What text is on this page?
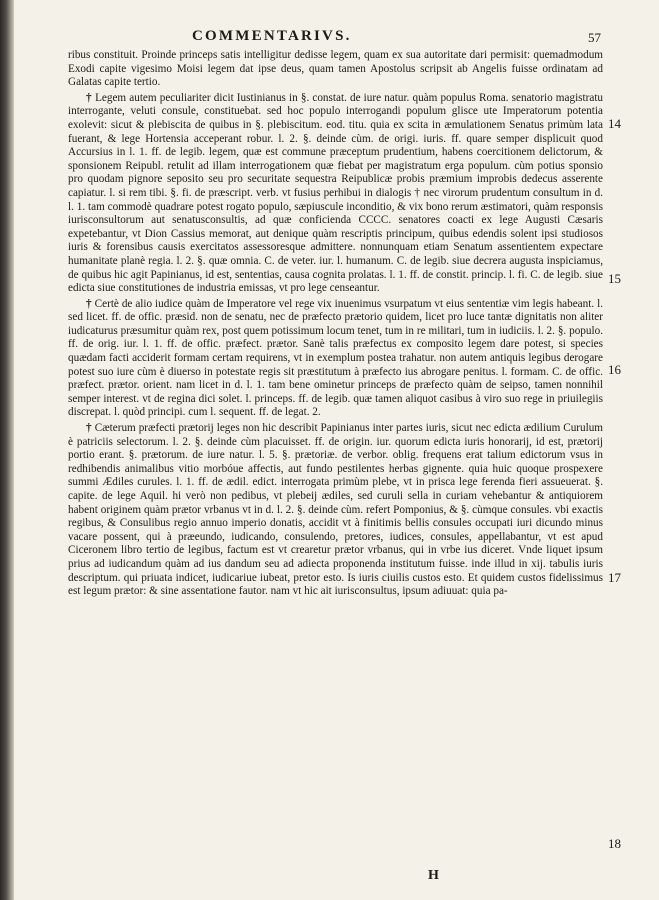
COMMENTARIVS.	57

ribus constituit. Proinde princeps satis intelligitur dedisse legem, quam ex sua autoritate dari permisit: quemadmodum Exodi capite vigesimo Moisi legem dat ipse deus, quam tamen Apostolus scripsit ab Angelis fuisse ordinatam ad Galatas capite tertio.

† Legem autem peculiariter dicit Iustinianus in §. constat. de iure natur. quàm populus Roma. senatorio magistratu interrogante, veluti consule, constituebat. sed hoc populo interrogandi populum glisce ute Imperatorum potentia exolevit: sicut & plebiscita de quibus in §. plebiscitum. eod. titu. quia ex scita in æmulationem Senatus primùm lata fuerant, & lege Hortensia acceperant robur. l. 2. §. deinde cùm. de origi. iuris. ff. quare semper displicuit quod Accursius in l. 1. ff. de legib. legem, quæ est commune præceptum prudentium, habens coercitionem delictorum, & sponsionem Reipubl. retulit ad illam interrogationem quæ fiebat per magistratum erga populum. cùm potius sponsio pro quodam pignore seposito seu pro securitate sequestra Reipublicæ probis præmium improbis dedecus asserente capiatur. l. si rem tibi. §. fi. de præscript. verb. vt fusius perhibui in dialogis † nec virorum prudentum consultum in d. l. 1. tam commodè quadrare potest rogato populo, sæpiuscule inconditio, & vix bono rerum æstimatori, quàm responsis iurisconsultorum aut senatusconsultis, ad quæ conficienda CCCC. senatores coacti ex lege Augusti Cæsaris expetebantur, vt Dion Cassius memorat, aut denique quàm rescriptis principum, quibus edendis solent ipsi studiosos iuris & forensibus causis exercitatos assessoresque admittere. nonnunquam etiam Senatum assentientem expectare humanitate planè regia. l. 2. §. quæ omnia. C. de veter. iur. l. humanum. C. de legib. siue decrera augusta inspiciamus, de quibus hic agit Papinianus, id est, sententias, causa cognita prolatas. l. 1. ff. de constit. princip. l. fi. C. de legib. siue edicta siue constitutiones de industria emissas, vt pro lege censeantur.

† Certè de alio iudice quàm de Imperatore vel rege vix inuenimus vsurpatum vt eius sententiæ vim legis habeant. l. sed licet. ff. de offic. præsid. non de senatu, nec de præfecto prætorio quidem, licet pro luce tantæ dignitatis non aliter iudicaturus præsumitur quàm rex, post quem potissimum locum tenet, tum in re militari, tum in iudiciis. l. 2. §. populo. ff. de orig. iur. l. 1. ff. de offic. præfect. prætor. Sanè talis præfectus ex composito legem dare potest, si species quædam facti acciderit formam certam requirens, vt in exemplum postea trahatur. non autem antiquis legibus derogare potest suo iure cùm è diuerso in potestate regis sit præstitutum à præfecto ius abrogare penitus. l. formam. C. de offic. præfect. prætor. orient. nam licet in d. l. 1. tam bene ominetur princeps de præfecto quàm de seipso, tamen nonnihil semper interest. vt de regina dici solet. l. princeps. ff. de legib. quæ tamen aliquot casibus à viro suo rege in priuilegiis discrepat. l. quòd principi. cum l. sequent. ff. de legat. 2.

† Cæterum præfecti prætorij leges non hic describit Papinianus inter partes iuris, sicut nec edicta ædilium Curulum è patriciis selectorum. l. 2. §. deinde cùm placuisset. ff. de origin. iur. quorum edicta iuris honorarij, id est, prætorij portio erant. §. prætorum. de iure natur. l. 5. §. prætoriæ. de verbor. oblig. frequens erat talium edictorum vsus in redhibendis animalibus vitio morbóue affectis, aut fundo pestilentes herbas gignente. quia huic quoque prospexere summi Ædiles curules. l. 1. ff. de ædil. edict. interrogata primùm plebe, vt in prisca lege ferenda fieri assueuerat. §. capite. de lege Aquil. hi verò non pedibus, vt plebeij ædiles, sed curuli sella in curiam vehebantur & antiquiorem habent originem quàm prætor vrbanus vt in d. l. 2. §. deinde cùm. refert Pomponius, & §. cùmque consules. vbi exactis regibus, & Consulibus regio annuo imperio donatis, accidit vt à finitimis bellis consules occupati iuri dicundo minus vacare possent, qui à præeundo, iudicando, consulendo, pretores, iudices, consules, appellabantur, vt est apud Ciceronem libro tertio de legibus, factum est vt crearetur prætor vrbanus, qui in vrbe ius diceret. Vnde liquet ipsum prius ad iudicandum quàm ad ius dandum seu ad adiecta proponenda institutum fuisse. inde illud in xij. tabulis iuris descriptum. qui priuata indicet, iudicariue iubeat, pretor esto. Is iuris ciuilis custos esto. Et quidem custos fidelissimus est legum prætor: & sine assentatione fautor. nam vt hic ait iurisconsultus, ipsum adiuuat: quia pa-

14
15
16
17
18
H
